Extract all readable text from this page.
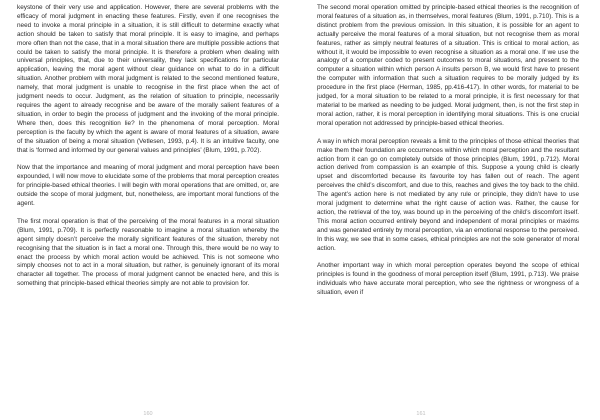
keystone of their very use and application. However, there are several problems with the efficacy of moral judgment in enacting these features. Firstly, even if one recognises the need to invoke a moral principle in a situation, it is still difficult to determine exactly what action should be taken to satisfy that moral principle. It is easy to imagine, and perhaps more often than not the case, that in a moral situation there are multiple possible actions that could be taken to satisfy the moral principle. It is therefore a problem when dealing with universal principles, that, due to their universality, they lack specifications for particular application, leaving the moral agent without clear guidance on what to do in a difficult situation. Another problem with moral judgment is related to the second mentioned feature, namely, that moral judgment is unable to recognise in the first place when the act of judgment needs to occur. Judgment, as the relation of situation to principle, necessarily requires the agent to already recognise and be aware of the morally salient features of a situation, in order to begin the process of judgment and the invoking of the moral principle. Where then, does this recognition lie? In the phenomena of moral perception. Moral perception is the faculty by which the agent is aware of moral features of a situation, aware of the situation of being a moral situation (Vetlesen, 1993, p.4). It is an intuitive faculty, one that is ‘formed and informed by our general values and principles’ (Blum, 1991, p.702).

Now that the importance and meaning of moral judgment and moral perception have been expounded, I will now move to elucidate some of the problems that moral perception creates for principle-based ethical theories. I will begin with moral operations that are omitted, or, are outside the scope of moral judgment, but, nonetheless, are important moral functions of the agent.

The first moral operation is that of the perceiving of the moral features in a moral situation (Blum, 1991, p.709). It is perfectly reasonable to imagine a moral situation whereby the agent simply doesn’t perceive the morally significant features of the situation, thereby not recognising that the situation is in fact a moral one. Through this, there would be no way to enact the process by which moral action would be achieved. This is not someone who simply chooses not to act in a moral situation, but rather, is genuinely ignorant of its moral character all together. The process of moral judgment cannot be enacted here, and this is something that principle-based ethical theories simply are not able to provision for.

160

The second moral operation omitted by principle-based ethical theories is the recognition of moral features of a situation as, in themselves, moral features (Blum, 1991, p.710). This is a distinct problem from the previous omission. In this situation, it is possible for an agent to actually perceive the moral features of a moral situation, but not recognise them as moral features, rather as simply neutral features of a situation. This is critical to moral action, as without it, it would be impossible to even recognise a situation as a moral one. If we use the analogy of a computer coded to present outcomes to moral situations, and present to the computer a situation within which person A insults person B, we would first have to present the computer with information that such a situation requires to be morally judged by its procedure in the first place (Herman, 1985, pp.416-417). In other words, for material to be judged, for a moral situation to be related to a moral principle, it is first necessary for that material to be marked as needing to be judged. Moral judgment, then, is not the first step in moral action, rather, it is moral perception in identifying moral situations. This is one crucial moral operation not addressed by principle-based ethical theories.

A way in which moral perception reveals a limit to the principles of those ethical theories that make them their foundation are occurrences within which moral perception and the resultant action from it can go on completely outside of those principles (Blum, 1991, p.712). Moral action derived from compassion is an example of this. Suppose a young child is clearly upset and discomforted because its favourite toy has fallen out of reach. The agent perceives the child’s discomfort, and due to this, reaches and gives the toy back to the child. The agent’s action here is not mediated by any rule or principle, they didn’t have to use moral judgment to determine what the right cause of action was. Rather, the cause for action, the retrieval of the toy, was bound up in the perceiving of the child’s discomfort itself. This moral action occurred entirely beyond and independent of moral principles or maxims and was generated entirely by moral perception, via an emotional response to the perceived. In this way, we see that in some cases, ethical principles are not the sole generator of moral action.

Another important way in which moral perception operates beyond the scope of ethical principles is found in the goodness of moral perception itself (Blum, 1991, p.713). We praise individuals who have accurate moral perception, who see the rightness or wrongness of a situation, even if

161
